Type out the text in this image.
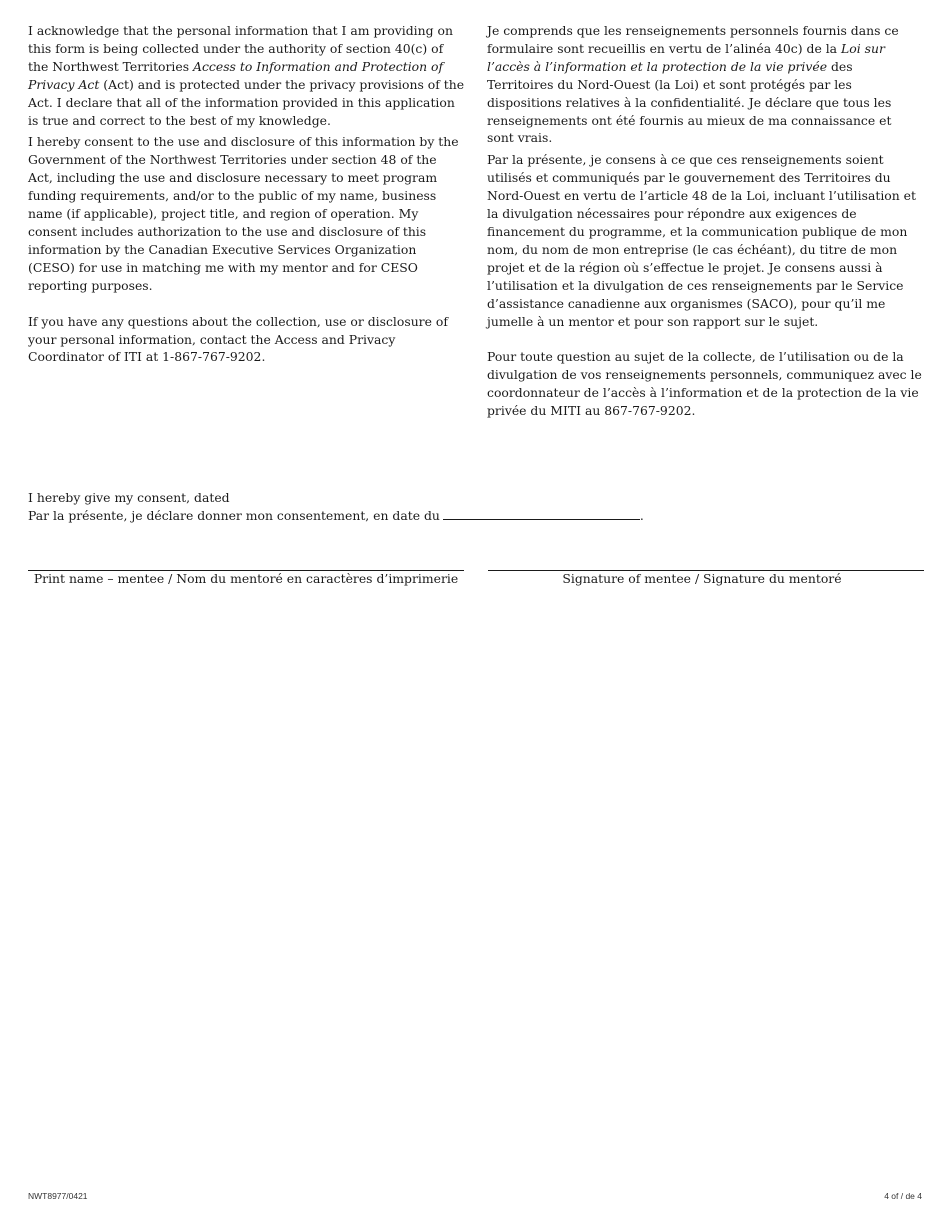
I acknowledge that the personal information that I am providing on this form is being collected under the authority of section 40(c) of the Northwest Territories Access to Information and Protection of Privacy Act (Act) and is protected under the privacy provisions of the Act. I declare that all of the information provided in this application is true and correct to the best of my knowledge.

I hereby consent to the use and disclosure of this information by the Government of the Northwest Territories under section 48 of the Act, including the use and disclosure necessary to meet program funding requirements, and/or to the public of my name, business name (if applicable), project title, and region of operation. My consent includes authorization to the use and disclosure of this information by the Canadian Executive Services Organization (CESO) for use in matching me with my mentor and for CESO reporting purposes.

If you have any questions about the collection, use or disclosure of your personal information, contact the Access and Privacy Coordinator of ITI at 1-867-767-9202.

Je comprends que les renseignements personnels fournis dans ce formulaire sont recueillis en vertu de l’alinéa 40c) de la Loi sur l’accès à l’information et la protection de la vie privée des Territoires du Nord-Ouest (la Loi) et sont protégés par les dispositions relatives à la confidentialité. Je déclare que tous les renseignements ont été fournis au mieux de ma connaissance et sont vrais.

Par la présente, je consens à ce que ces renseignements soient utilisés et communiqués par le gouvernement des Territoires du Nord-Ouest en vertu de l’article 48 de la Loi, incluant l’utilisation et la divulgation nécessaires pour répondre aux exigences de financement du programme, et la communication publique de mon nom, du nom de mon entreprise (le cas échéant), du titre de mon projet et de la région où s’effectue le projet. Je consens aussi à l’utilisation et la divulgation de ces renseignements par le Service d’assistance canadienne aux organismes (SACO), pour qu’il me jumelle à un mentor et pour son rapport sur le sujet.

Pour toute question au sujet de la collecte, de l’utilisation ou de la divulgation de vos renseignements personnels, communiquez avec le coordonnateur de l’accès à l’information et de la protection de la vie privée du MITI au 867-767-9202.

I hereby give my consent, dated

Par la présente, je déclare donner mon consentement, en date du	.

Print name – mentee / Nom du mentoré en caractères d’imprimerie	Signature of mentee / Signature du mentoré
NWT8977/0421	4 of / de 4
